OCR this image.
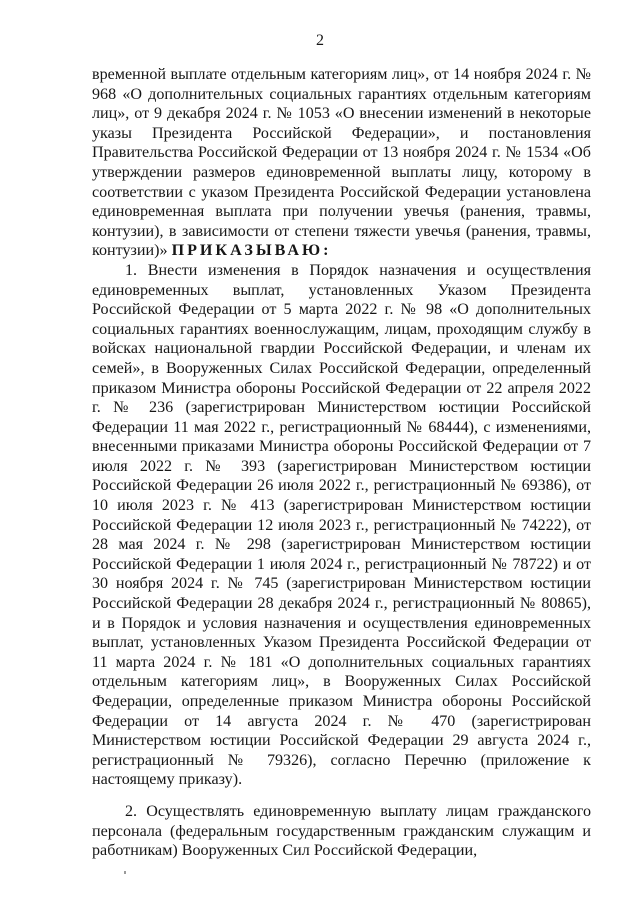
2

временной выплате отдельным категориям лиц», от 14 ноября 2024 г. № 968 «О дополнительных социальных гарантиях отдельным категориям лиц», от 9 декабря 2024 г. № 1053 «О внесении изменений в некоторые указы Президента Российской Федерации», и постановления Правительства Российской Федерации от 13 ноября 2024 г. № 1534 «Об утверждении размеров единовременной выплаты лицу, которому в соответствии с указом Президента Российской Федерации установлена единовременная выплата при получении увечья (ранения, травмы, контузии), в зависимости от степени тяжести увечья (ранения, травмы, контузии)» ПРИКАЗЫВАЮ:

1. Внести изменения в Порядок назначения и осуществления единовременных выплат, установленных Указом Президента Российской Федерации от 5 марта 2022 г. № 98 «О дополнительных социальных гарантиях военнослужащим, лицам, проходящим службу в войсках национальной гвардии Российской Федерации, и членам их семей», в Вооруженных Силах Российской Федерации, определенный приказом Министра обороны Российской Федерации от 22 апреля 2022 г. № 236 (зарегистрирован Министерством юстиции Российской Федерации 11 мая 2022 г., регистрационный № 68444), с изменениями, внесенными приказами Министра обороны Российской Федерации от 7 июля 2022 г. № 393 (зарегистрирован Министерством юстиции Российской Федерации 26 июля 2022 г., регистрационный № 69386), от 10 июля 2023 г. № 413 (зарегистрирован Министерством юстиции Российской Федерации 12 июля 2023 г., регистрационный № 74222), от 28 мая 2024 г. № 298 (зарегистрирован Министерством юстиции Российской Федерации 1 июля 2024 г., регистрационный № 78722) и от 30 ноября 2024 г. № 745 (зарегистрирован Министерством юстиции Российской Федерации 28 декабря 2024 г., регистрационный № 80865), и в Порядок и условия назначения и осуществления единовременных выплат, установленных Указом Президента Российской Федерации от 11 марта 2024 г. № 181 «О дополнительных социальных гарантиях отдельным категориям лиц», в Вооруженных Силах Российской Федерации, определенные приказом Министра обороны Российской Федерации от 14 августа 2024 г. № 470 (зарегистрирован Министерством юстиции Российской Федерации 29 августа 2024 г., регистрационный № 79326), согласно Перечню (приложение к настоящему приказу).

2. Осуществлять единовременную выплату лицам гражданского персонала (федеральным государственным гражданским служащим и работникам) Вооруженных Сил Российской Федерации,
